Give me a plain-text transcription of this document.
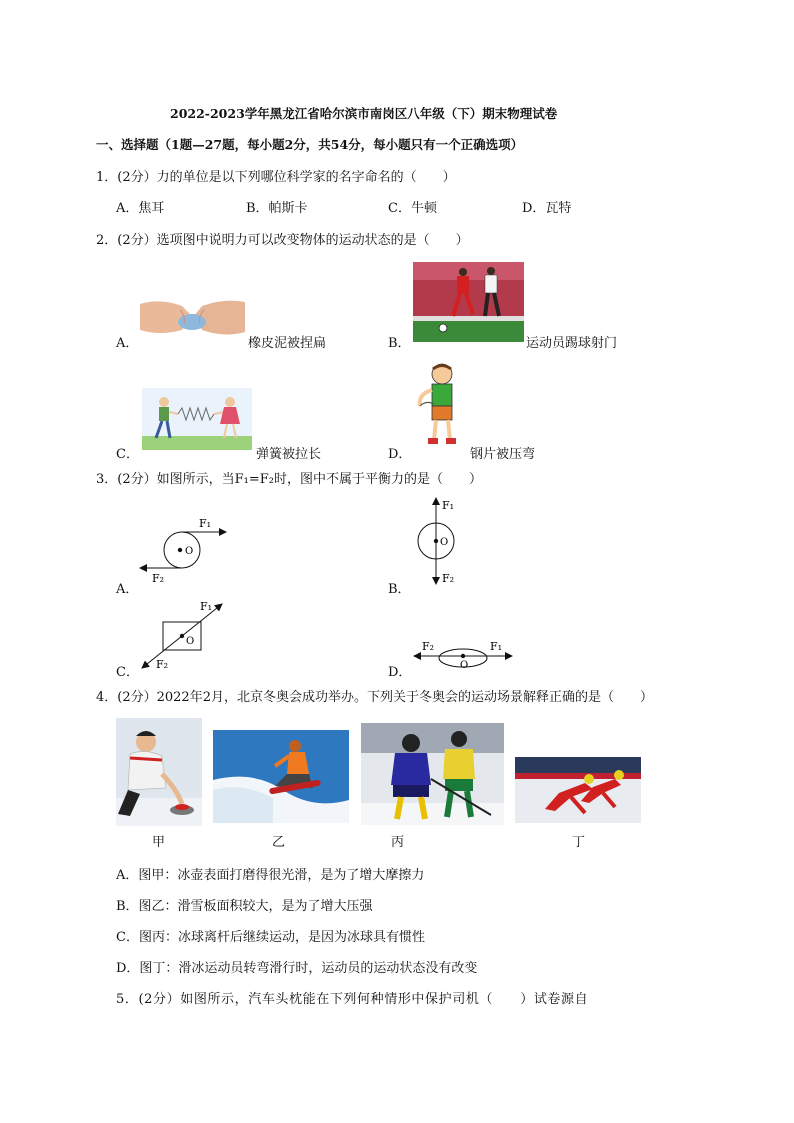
2022-2023学年黑龙江省哈尔滨市南岗区八年级（下）期末物理试卷
一、选择题（1题—27题，每小题2分，共54分，每小题只有一个正确选项）
1．(2分）力的单位是以下列哪位科学家的名字命名的（　　）
A．焦耳	B．帕斯卡	C．牛顿	D．瓦特
2．(2分）选项图中说明力可以改变物体的运动状态的是（　　）
A．	橡皮泥被捏扁	B．	运动员踢球射门
C．	弹簧被拉长	D．	钢片被压弯
3．(2分）如图所示，当F₁=F₂时，图中不属于平衡力的是（　　）
A．
F₁
F₂
O
B．
F₁
F₂
O
C．
F₁
F₂
O
D．
F₁
F₂
O
4．(2分）2022年2月，北京冬奥会成功举办。下列关于冬奥会的运动场景解释正确的是（　　）
甲	乙	丙	丁
A．图甲：冰壶表面打磨得很光滑，是为了增大摩擦力
B．图乙：滑雪板面积较大，是为了增大压强
C．图丙：冰球离杆后继续运动，是因为冰球具有惯性
D．图丁：滑冰运动员转弯滑行时，运动员的运动状态没有改变
5．(2分）如图所示，汽车头枕能在下列何种情形中保护司机（　　）试卷源自
